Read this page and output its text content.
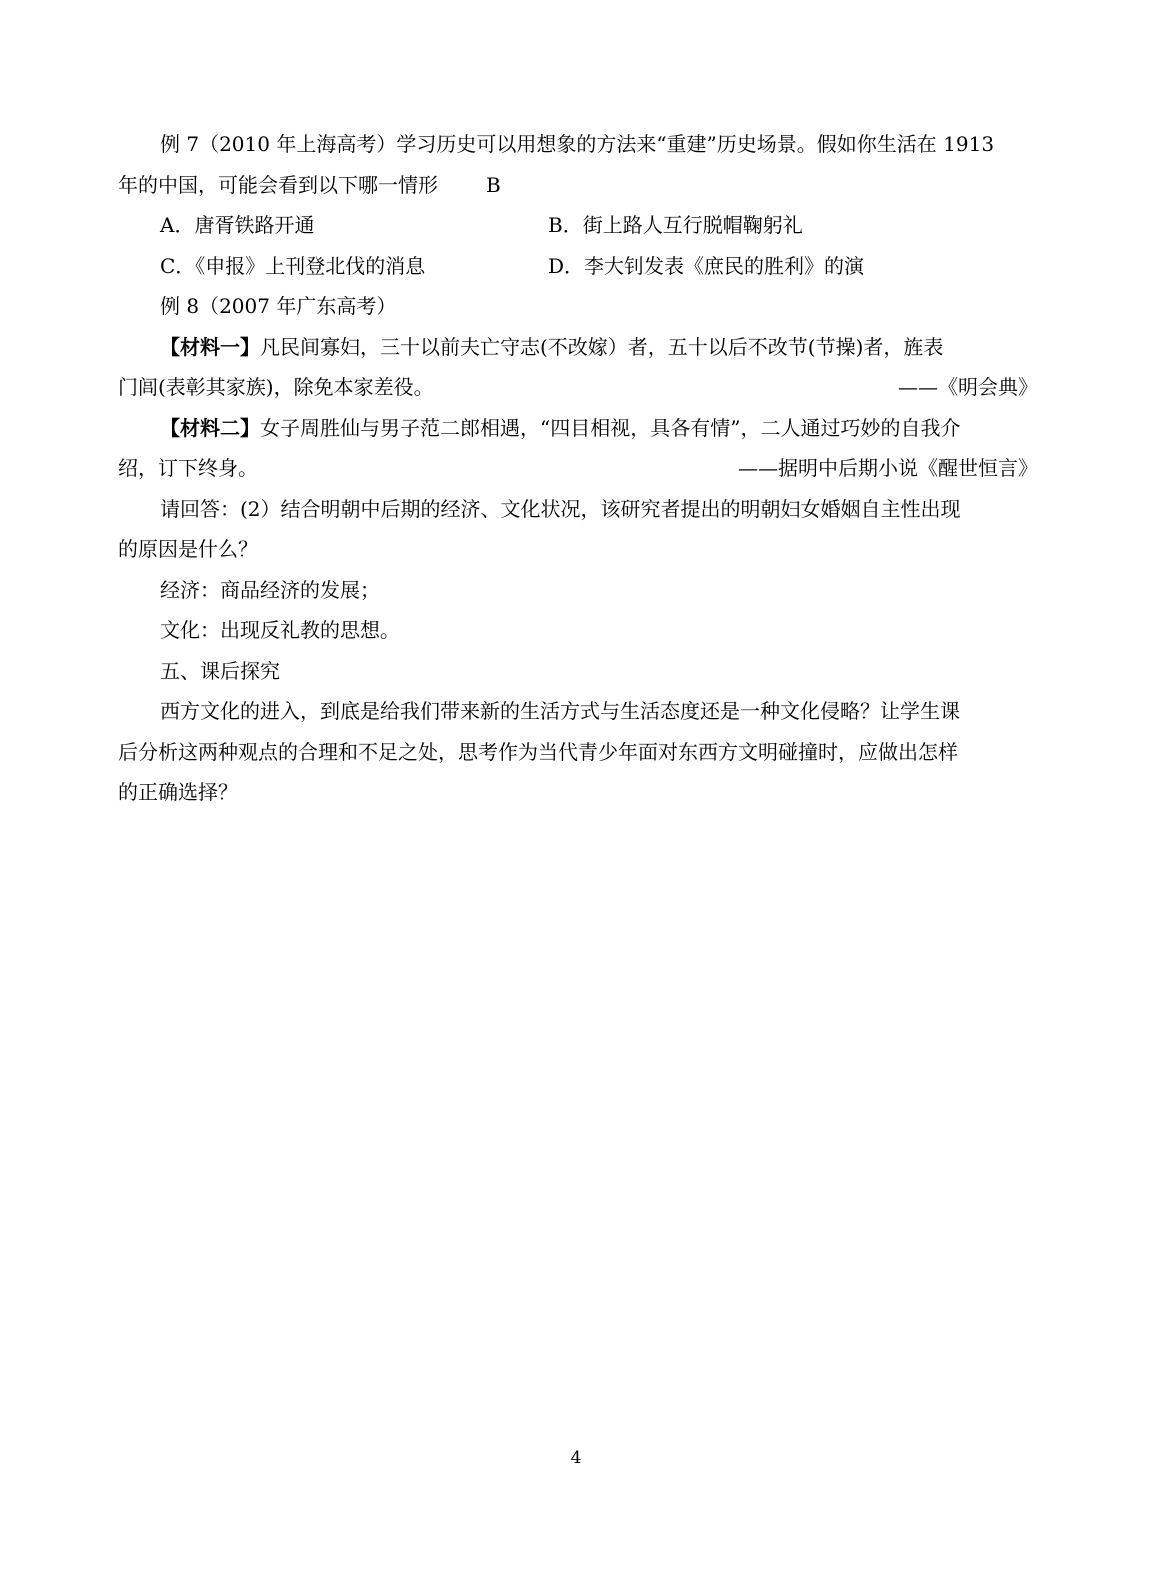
例 7（2010 年上海高考）学习历史可以用想象的方法来“重建”历史场景。假如你生活在 1913

年的中国，可能会看到以下哪一情形 B

A．唐胥铁路开通	B．街上路人互行脱帽鞠躬礼
C．《申报》上刊登北伐的消息	D．李大钊发表《庶民的胜利》的演

例 8（2007 年广东高考）

【材料一】凡民间寡妇，三十以前夫亡守志(不改嫁）者，五十以后不改节(节操)者，旌表

门闾(表彰其家族)，除免本家差役。	——《明会典》

【材料二】女子周胜仙与男子范二郎相遇，“四目相视，具各有情”，二人通过巧妙的自我介

绍，订下终身。	——据明中后期小说《醒世恒言》

请回答：(2）结合明朝中后期的经济、文化状况，该研究者提出的明朝妇女婚姻自主性出现

的原因是什么？

经济：商品经济的发展；

文化：出现反礼教的思想。

五、课后探究

西方文化的进入，到底是给我们带来新的生活方式与生活态度还是一种文化侵略？让学生课

后分析这两种观点的合理和不足之处，思考作为当代青少年面对东西方文明碰撞时，应做出怎样

的正确选择？

4
